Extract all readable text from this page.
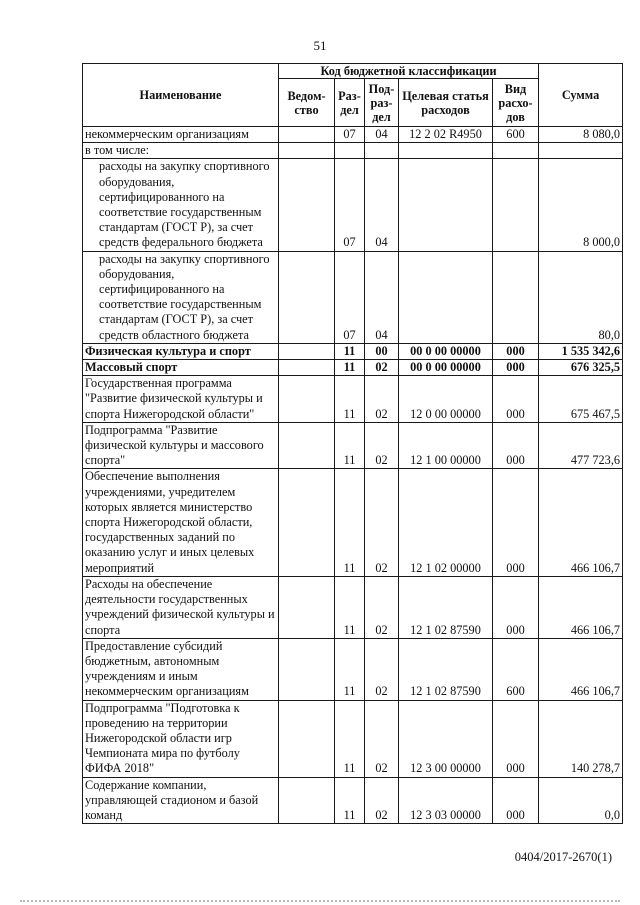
51
Наименование	Код бюджетной классификации					Сумма
	Ведом-ство	Раз-дел	Под-раз-дел	Целевая статья расходов	Вид расхо-дов	
некоммерческим организациям		07	04	12 2 02 R4950	600	8 080,0
в том числе:						
расходы на закупку спортивного оборудования, сертифицированного на соответствие государственным стандартам (ГОСТ Р), за счет средств федерального бюджета		07	04			8 000,0
расходы на закупку спортивного оборудования, сертифицированного на соответствие государственным стандартам (ГОСТ Р), за счет средств областного бюджета		07	04			80,0
Физическая культура и спорт		11	00	00 0 00 00000	000	1 535 342,6
Массовый спорт		11	02	00 0 00 00000	000	676 325,5
Государственная программа "Развитие физической культуры и спорта Нижегородской области"		11	02	12 0 00 00000	000	675 467,5
Подпрограмма "Развитие физической культуры и массового спорта"		11	02	12 1 00 00000	000	477 723,6
Обеспечение выполнения учреждениями, учредителем которых является министерство спорта Нижегородской области, государственных заданий по оказанию услуг и иных целевых мероприятий		11	02	12 1 02 00000	000	466 106,7
Расходы на обеспечение деятельности государственных учреждений физической культуры и спорта		11	02	12 1 02 87590	000	466 106,7
Предоставление субсидий бюджетным, автономным учреждениям и иным некоммерческим организациям		11	02	12 1 02 87590	600	466 106,7
Подпрограмма "Подготовка к проведению на территории Нижегородской области игр Чемпионата мира по футболу ФИФА 2018"		11	02	12 3 00 00000	000	140 278,7
Содержание компании, управляющей стадионом и базой команд		11	02	12 3 03 00000	000	0,0
0404/2017-2670(1)
